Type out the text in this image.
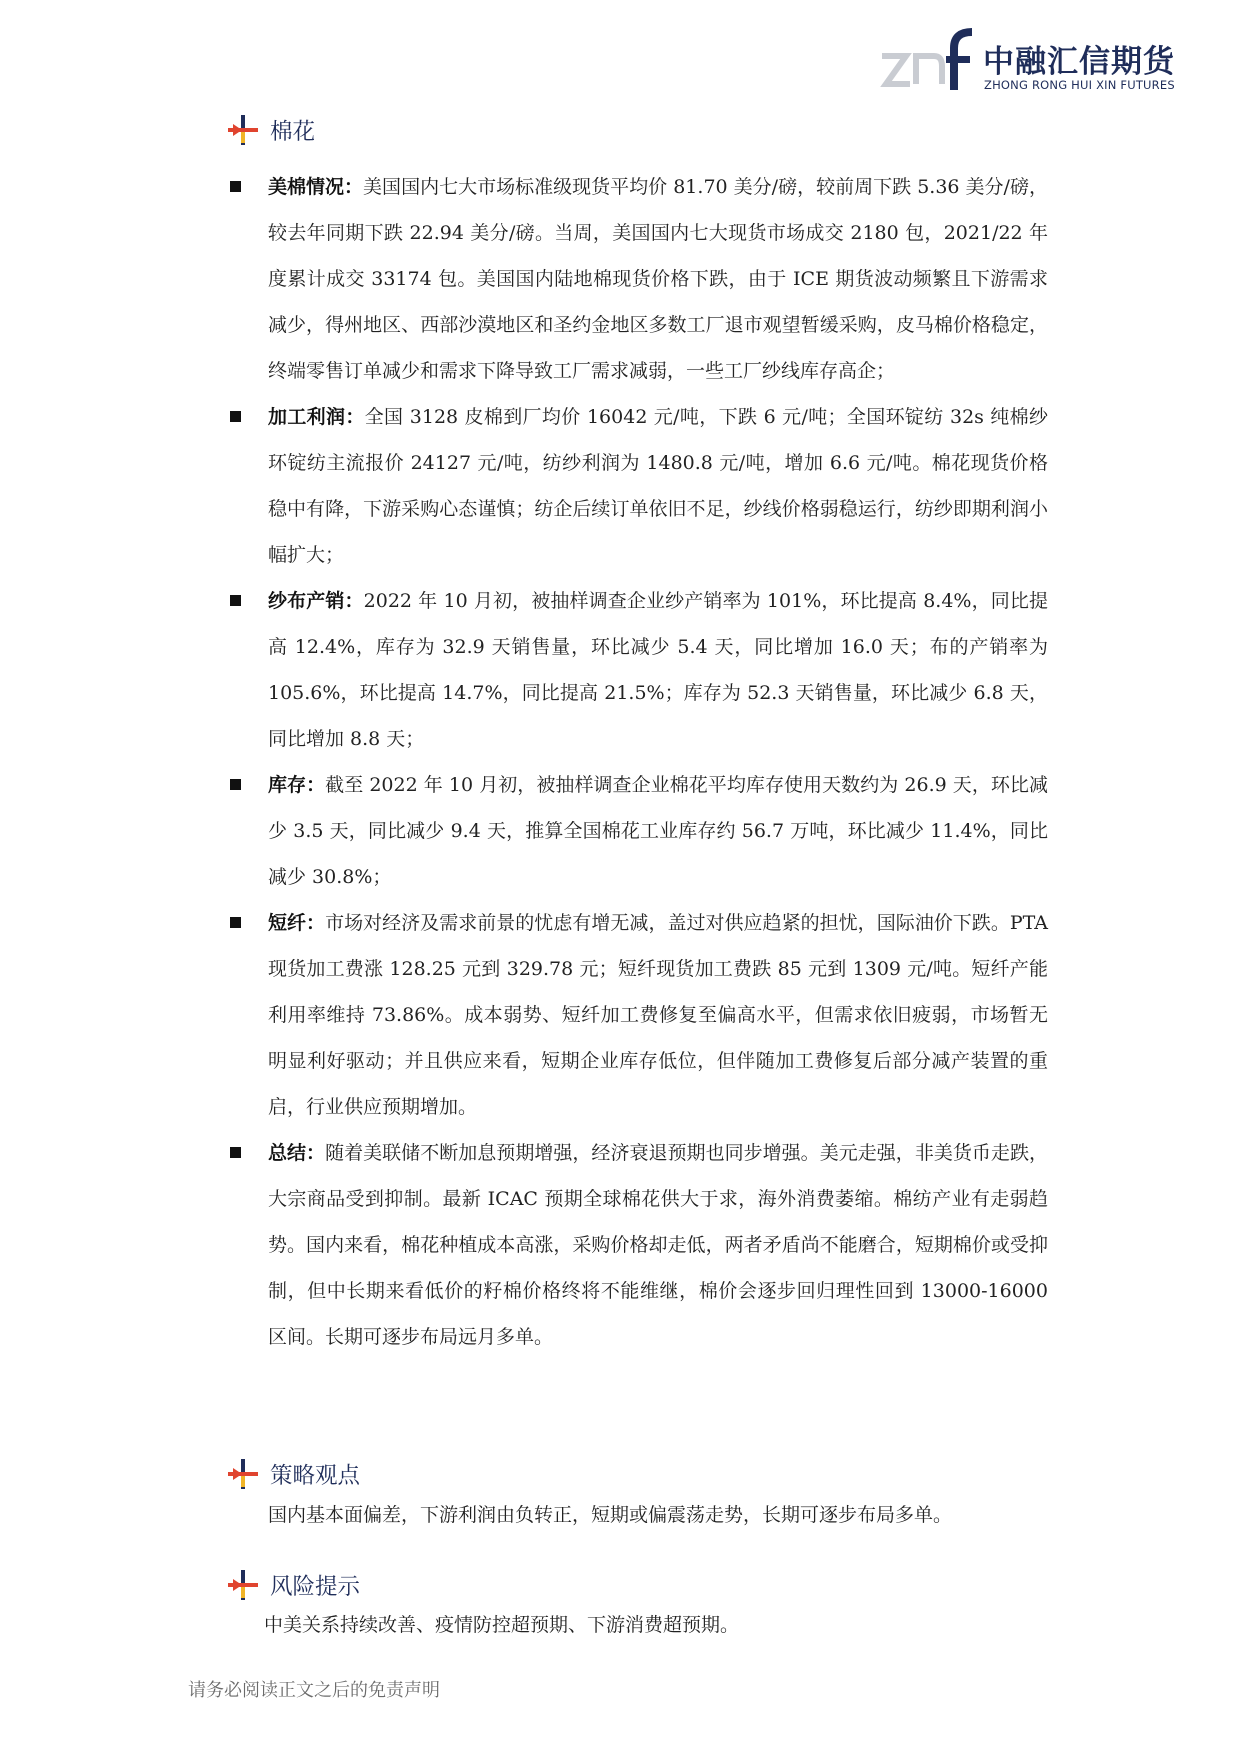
中融汇信期货
ZHONG RONG HUI XIN FUTURES
棉花
美棉情况：美国国内七大市场标准级现货平均价 81.70 美分/磅，较前周下跌 5.36 美分/磅，较去年同期下跌 22.94 美分/磅。当周，美国国内七大现货市场成交 2180 包，2021/22 年度累计成交 33174 包。美国国内陆地棉现货价格下跌，由于 ICE 期货波动频繁且下游需求减少，得州地区、西部沙漠地区和圣约金地区多数工厂退市观望暂缓采购，皮马棉价格稳定，终端零售订单减少和需求下降导致工厂需求减弱，一些工厂纱线库存高企；
加工利润：全国 3128 皮棉到厂均价 16042 元/吨，下跌 6 元/吨；全国环锭纺 32s 纯棉纱环锭纺主流报价 24127 元/吨，纺纱利润为 1480.8 元/吨，增加 6.6 元/吨。棉花现货价格稳中有降，下游采购心态谨慎；纺企后续订单依旧不足，纱线价格弱稳运行，纺纱即期利润小幅扩大；
纱布产销：2022 年 10 月初，被抽样调查企业纱产销率为 101%，环比提高 8.4%，同比提高 12.4%，库存为 32.9 天销售量，环比减少 5.4 天，同比增加 16.0 天；布的产销率为 105.6%，环比提高 14.7%，同比提高 21.5%；库存为 52.3 天销售量，环比减少 6.8 天，同比增加 8.8 天；
库存：截至 2022 年 10 月初，被抽样调查企业棉花平均库存使用天数约为 26.9 天，环比减少 3.5 天，同比减少 9.4 天，推算全国棉花工业库存约 56.7 万吨，环比减少 11.4%，同比减少 30.8%；
短纤：市场对经济及需求前景的忧虑有增无减，盖过对供应趋紧的担忧，国际油价下跌。PTA 现货加工费涨 128.25 元到 329.78 元；短纤现货加工费跌 85 元到 1309 元/吨。短纤产能利用率维持 73.86%。成本弱势、短纤加工费修复至偏高水平，但需求依旧疲弱，市场暂无明显利好驱动；并且供应来看，短期企业库存低位，但伴随加工费修复后部分减产装置的重启，行业供应预期增加。
总结：随着美联储不断加息预期增强，经济衰退预期也同步增强。美元走强，非美货币走跌，大宗商品受到抑制。最新 ICAC 预期全球棉花供大于求，海外消费萎缩。棉纺产业有走弱趋势。国内来看，棉花种植成本高涨，采购价格却走低，两者矛盾尚不能磨合，短期棉价或受抑制，但中长期来看低价的籽棉价格终将不能维继，棉价会逐步回归理性回到 13000-16000 区间。长期可逐步布局远月多单。
策略观点
国内基本面偏差，下游利润由负转正，短期或偏震荡走势，长期可逐步布局多单。
风险提示
中美关系持续改善、疫情防控超预期、下游消费超预期。
请务必阅读正文之后的免责声明
